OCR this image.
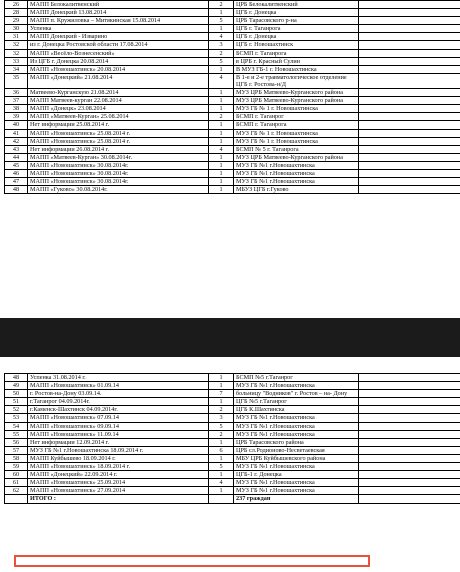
26	МАПП Белокалитвенский	2	ЦРБ Белокалитвенский	
28	МАПП Донецкий 13.08.2014	1	ЦГБ г. Донецка	
29	МАПП п. Кружиловка – Митякинская 15.08.2014	5	ЦРБ Тарасовского р-на	
30	Успенка	1	ЦГБ г. Таганрога	
31	МАПП Донецкий - Изварино	4	ЦГБ г. Донецка	
32	из г. Донецка Ростовской области 17.08.2014	3	ЦГБ г. Новошахтинск	
32	МАПП «Весёло-Вознесенский»	2	БСМП г. Таганрога	
33	Из ЦГБ г. Донецка 20.08.2014	5	в ЦРБ г. Красный Сулин	
34	МАПП «Новошахтинск» 20.08.2014	1	В МУЗ ГБ-1 г. Новошахтинска	
35	МАПП «Донецкий» 21.08.2014	4	В 1-е и 2-е травматологическое отделение ЦГБ г. Ростова-н/Д	
36	Матвеево-Курганскую 21.08.2014	1	МУЗ ЦРБ Матвеево-Курганского района	
37	МАПП Матвеев-курган 22.08.2014	1	МУЗ ЦРБ Матвеево-Курганского района	
38	МАПП «Донецк» 23.08.2014	1	МУЗ ГБ № 1 г. Новошахтинска	
39	МАПП «Матвеев-Курган» 25.08.2014	2	БСМП г. Таганрог	
40	Нет информации 25.08.2014 г.	1	БСМП г. Таганрога	
41	МАПП «Новошахтинск» 25.08.2014 г.	1	МУЗ ГБ № 1 г. Новошахтинска	
42	МАПП «Новошахтинск» 25.08.2014 г.	1	МУЗ ГБ № 1 г. Новошахтинска	
43	Нет информации 26.08.2014 г.	4	БСМП № 5 г. Таганрога	
44	МАПП «Матвеев-Курган» 30.08.2014г.	1	МУЗ ЦРБ Матвеево-Курганского района	
45	МАПП «Новошахтинск» 30.08.2014г.	1	МУЗ ГБ №1 г.Новошахтинска	
46	МАПП «Новошахтинск» 30.08.2014г.	1	МУЗ ГБ №1 г.Новошахтинска	
47	МАПП «Новошахтинск» 30.08.2014г.	1	МУЗ ГБ №1 г.Новошахтинска	
48	МАПП «Гуково» 30.08.2014г.	1	МБУЗ ЦГБ г.Гуково	
48	Успенка 31.08.2014 г.	1	БСМП №5 г.Таганрог	
49	МАПП «Новошахтинск» 01.09.14	1	МУЗ ГБ №1 г.Новошахтинска	
50	г. Ростов-на-Дону 03.09.14.	7	больницу "Водников" г. Ростов – на- Дону	
51	г.Таганрог 04.09.2014г.	1	ЦГБ №5 г.Таганрог	
52	г.Каменск-Шахтинск 04.09.2014г.	2	ЦГБ К.Шахтинска	
53	МАПП «Новошахтинск» 07.09.14	3	МУЗ ГБ №1 г.Новошахтинска	
54	МАПП «Новошахтинск» 09.09.14	5	МУЗ ГБ №1 г.Новошахтинска	
55	МАПП «Новошахтинск» 11.09.14	2	МУЗ ГБ №1 г.Новошахтинска	
56	Нет информации 12.09.2014 г.	1	ЦРБ Тарасовского района	
57	МУЗ ГБ №1 г.Новошахтинска 18.09.2014 г.	6	ЦРБ сл.Родионово-Несветаевская	
58	МАПП Куйбышево 18.09.2014 г.	1	МБУ ЦРБ Куйбышевского района	
59	МАПП «Новошахтинск» 18.09.2014 г.	5	МУЗ ГБ №1 г.Новошахтинска	
60	МАПП «Донецкий» 22.09.2014 г.	1	ЦГБ-1 г. Донецка	
61	МАПП «Новошахтинск» 25.09.2014	4	МУЗ ГБ №1 г.Новошахтинска	
62	МАПП «Новошахтинск» 27.09.2014	1	МУЗ ГБ №1 г.Новошахтинска	
	ИТОГО :		237 граждан	
